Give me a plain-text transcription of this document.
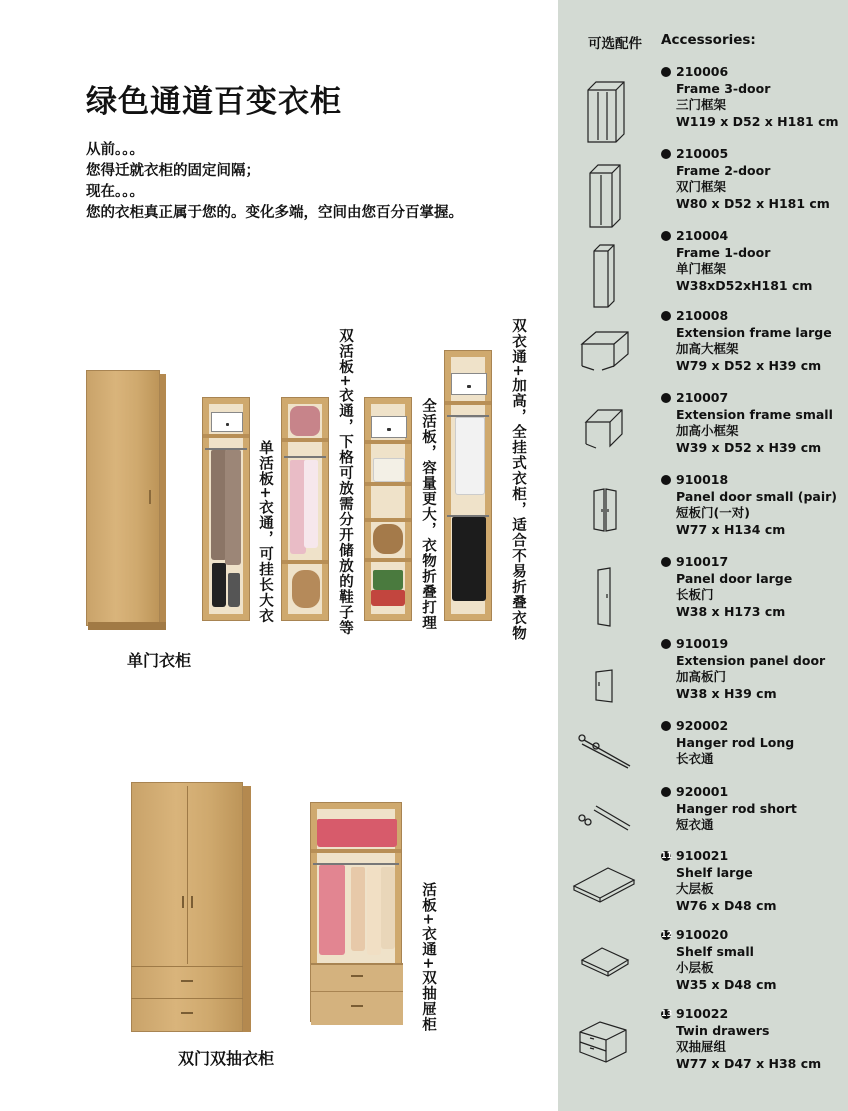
绿色通道百变衣柜
从前。。。
您得迁就衣柜的固定间隔；
现在。。。
您的衣柜真正属于您的。变化多端，空间由您百分百掌握。
单门衣柜
单活板+衣通，可挂长大衣	双活板+衣通，下格可放需分开储放的鞋子等	全活板，容量更大，衣物折叠打理	双衣通+加高，全挂式衣柜，适合不易折叠衣物
双门双抽衣柜
活板+衣通+双抽屉柜
可选配件 Accessories:
210006
Frame 3-door
三门框架
W119 x D52 x H181 cm
210005
Frame 2-door
双门框架
W80 x D52 x H181 cm
210004
Frame 1-door
单门框架
W38xD52xH181 cm
210008
Extension frame large
加高大框架
W79 x D52 x H39 cm
210007
Extension frame small
加高小框架
W39 x D52 x H39 cm
910018
Panel door small (pair)
短板门(一对)
W77 x H134 cm
910017
Panel door large
长板门
W38 x H173 cm
910019
Extension panel door
加高板门
W38 x H39 cm
920002
Hanger rod Long
长衣通
920001
Hanger rod short
短衣通
11 910021
Shelf large
大层板
W76 x D48 cm
12 910020
Shelf small
小层板
W35 x D48 cm
13 910022
Twin drawers
双抽屉组
W77 x D47 x H38 cm
